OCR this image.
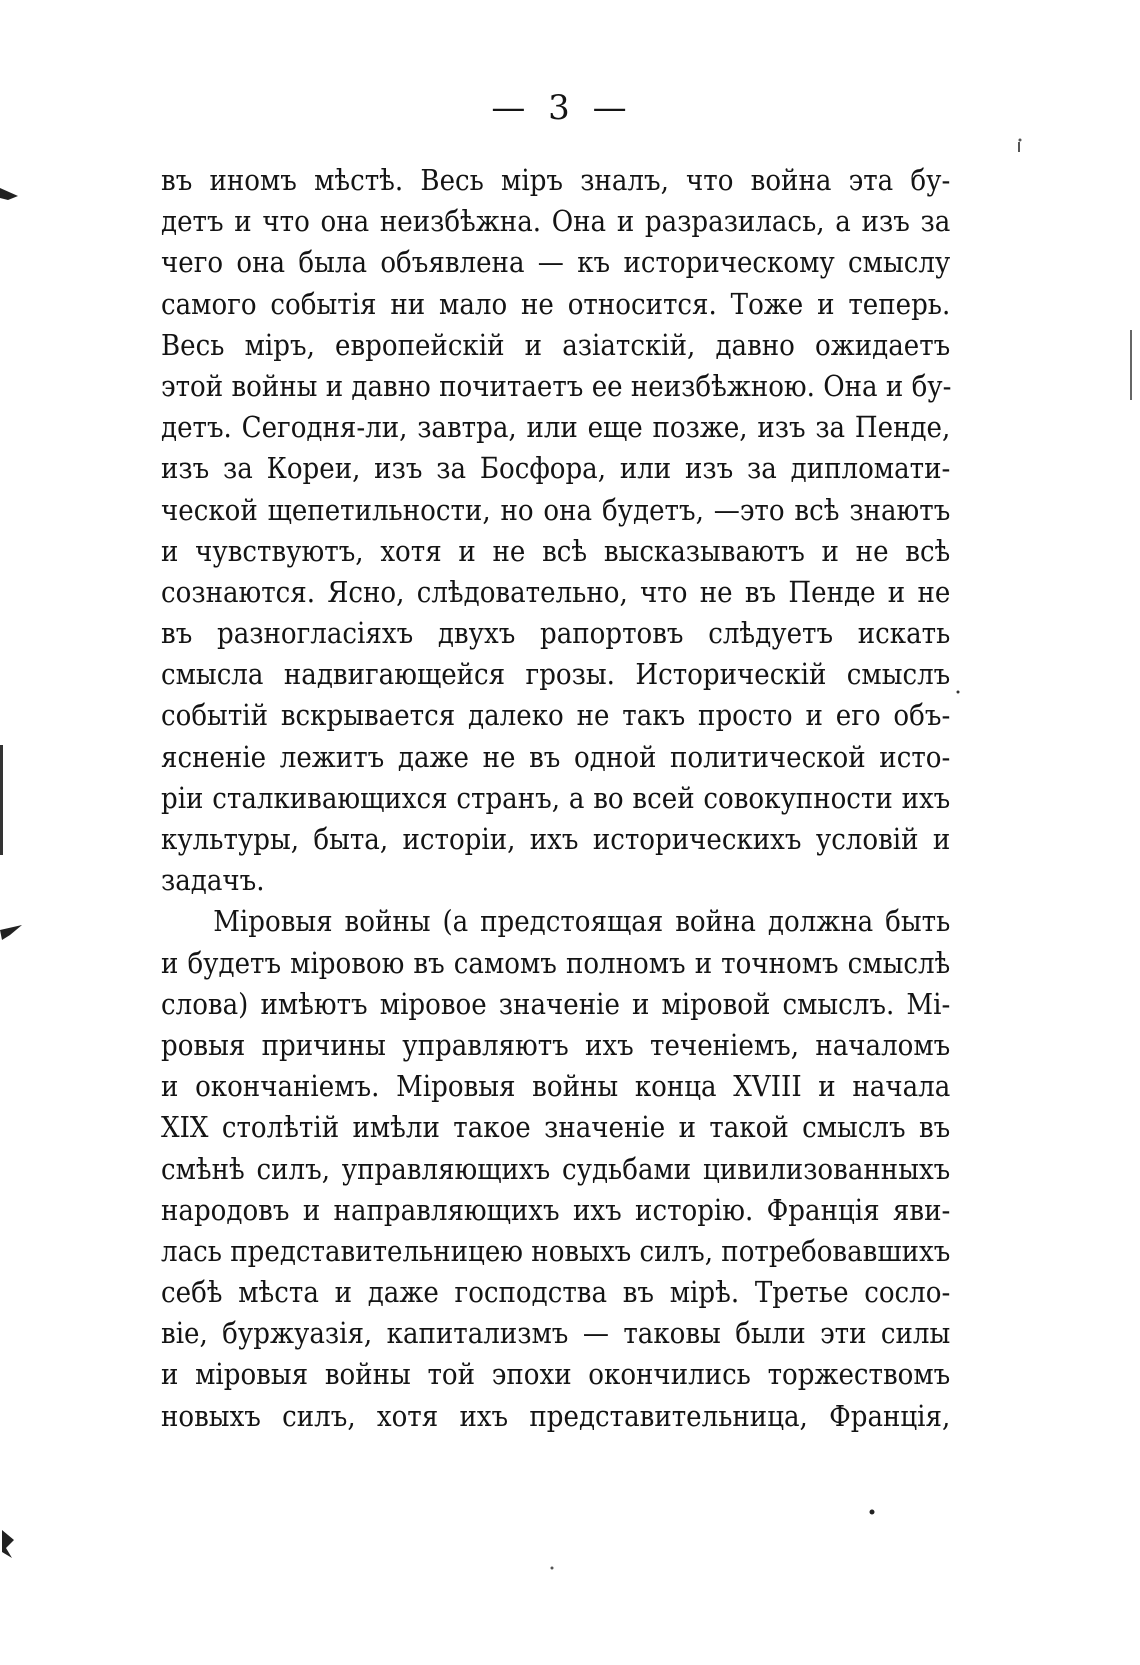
— 3 —
въ иномъ мѣстѣ. Весь міръ зналъ, что война эта бу-
детъ и что она неизбѣжна. Она и разразилась, а изъ за
чего она была объявлена — къ историческому смыслу
самого событія ни мало не относится. Тоже и теперь.
Весь міръ, европейскій и азіатскій, давно ожидаетъ
этой войны и давно почитаетъ ее неизбѣжною. Она и бу-
детъ. Сегодня-ли, завтра, или еще позже, изъ за Пенде,
изъ за Кореи, изъ за Босфора, или изъ за дипломати-
ческой щепетильности, но она будетъ, —это всѣ знаютъ
и чувствуютъ, хотя и не всѣ высказываютъ и не всѣ
сознаются. Ясно, слѣдовательно, что не въ Пенде и не
въ разногласіяхъ двухъ рапортовъ слѣдуетъ искать
смысла надвигающейся грозы. Историческій смыслъ
событій вскрывается далеко не такъ просто и его объ-
ясненіе лежитъ даже не въ одной политической исто-
ріи сталкивающихся странъ, а во всей совокупности ихъ
культуры, быта, исторіи, ихъ историческихъ условій и
задачъ.
Міровыя войны (а предстоящая война должна быть
и будетъ міровою въ самомъ полномъ и точномъ смыслѣ
слова) имѣютъ міровое значеніе и міровой смыслъ. Мі-
ровыя причины управляютъ ихъ теченіемъ, началомъ
и окончаніемъ. Міровыя войны конца XVIII и начала
XIX столѣтій имѣли такое значеніе и такой смыслъ въ
смѣнѣ силъ, управляющихъ судьбами цивилизованныхъ
народовъ и направляющихъ ихъ исторію. Франція яви-
лась представительницею новыхъ силъ, потребовавшихъ
себѣ мѣста и даже господства въ мірѣ. Третье сосло-
віе, буржуазія, капитализмъ — таковы были эти силы
и міровыя войны той эпохи окончились торжествомъ
новыхъ силъ, хотя ихъ представительница, Франція,
